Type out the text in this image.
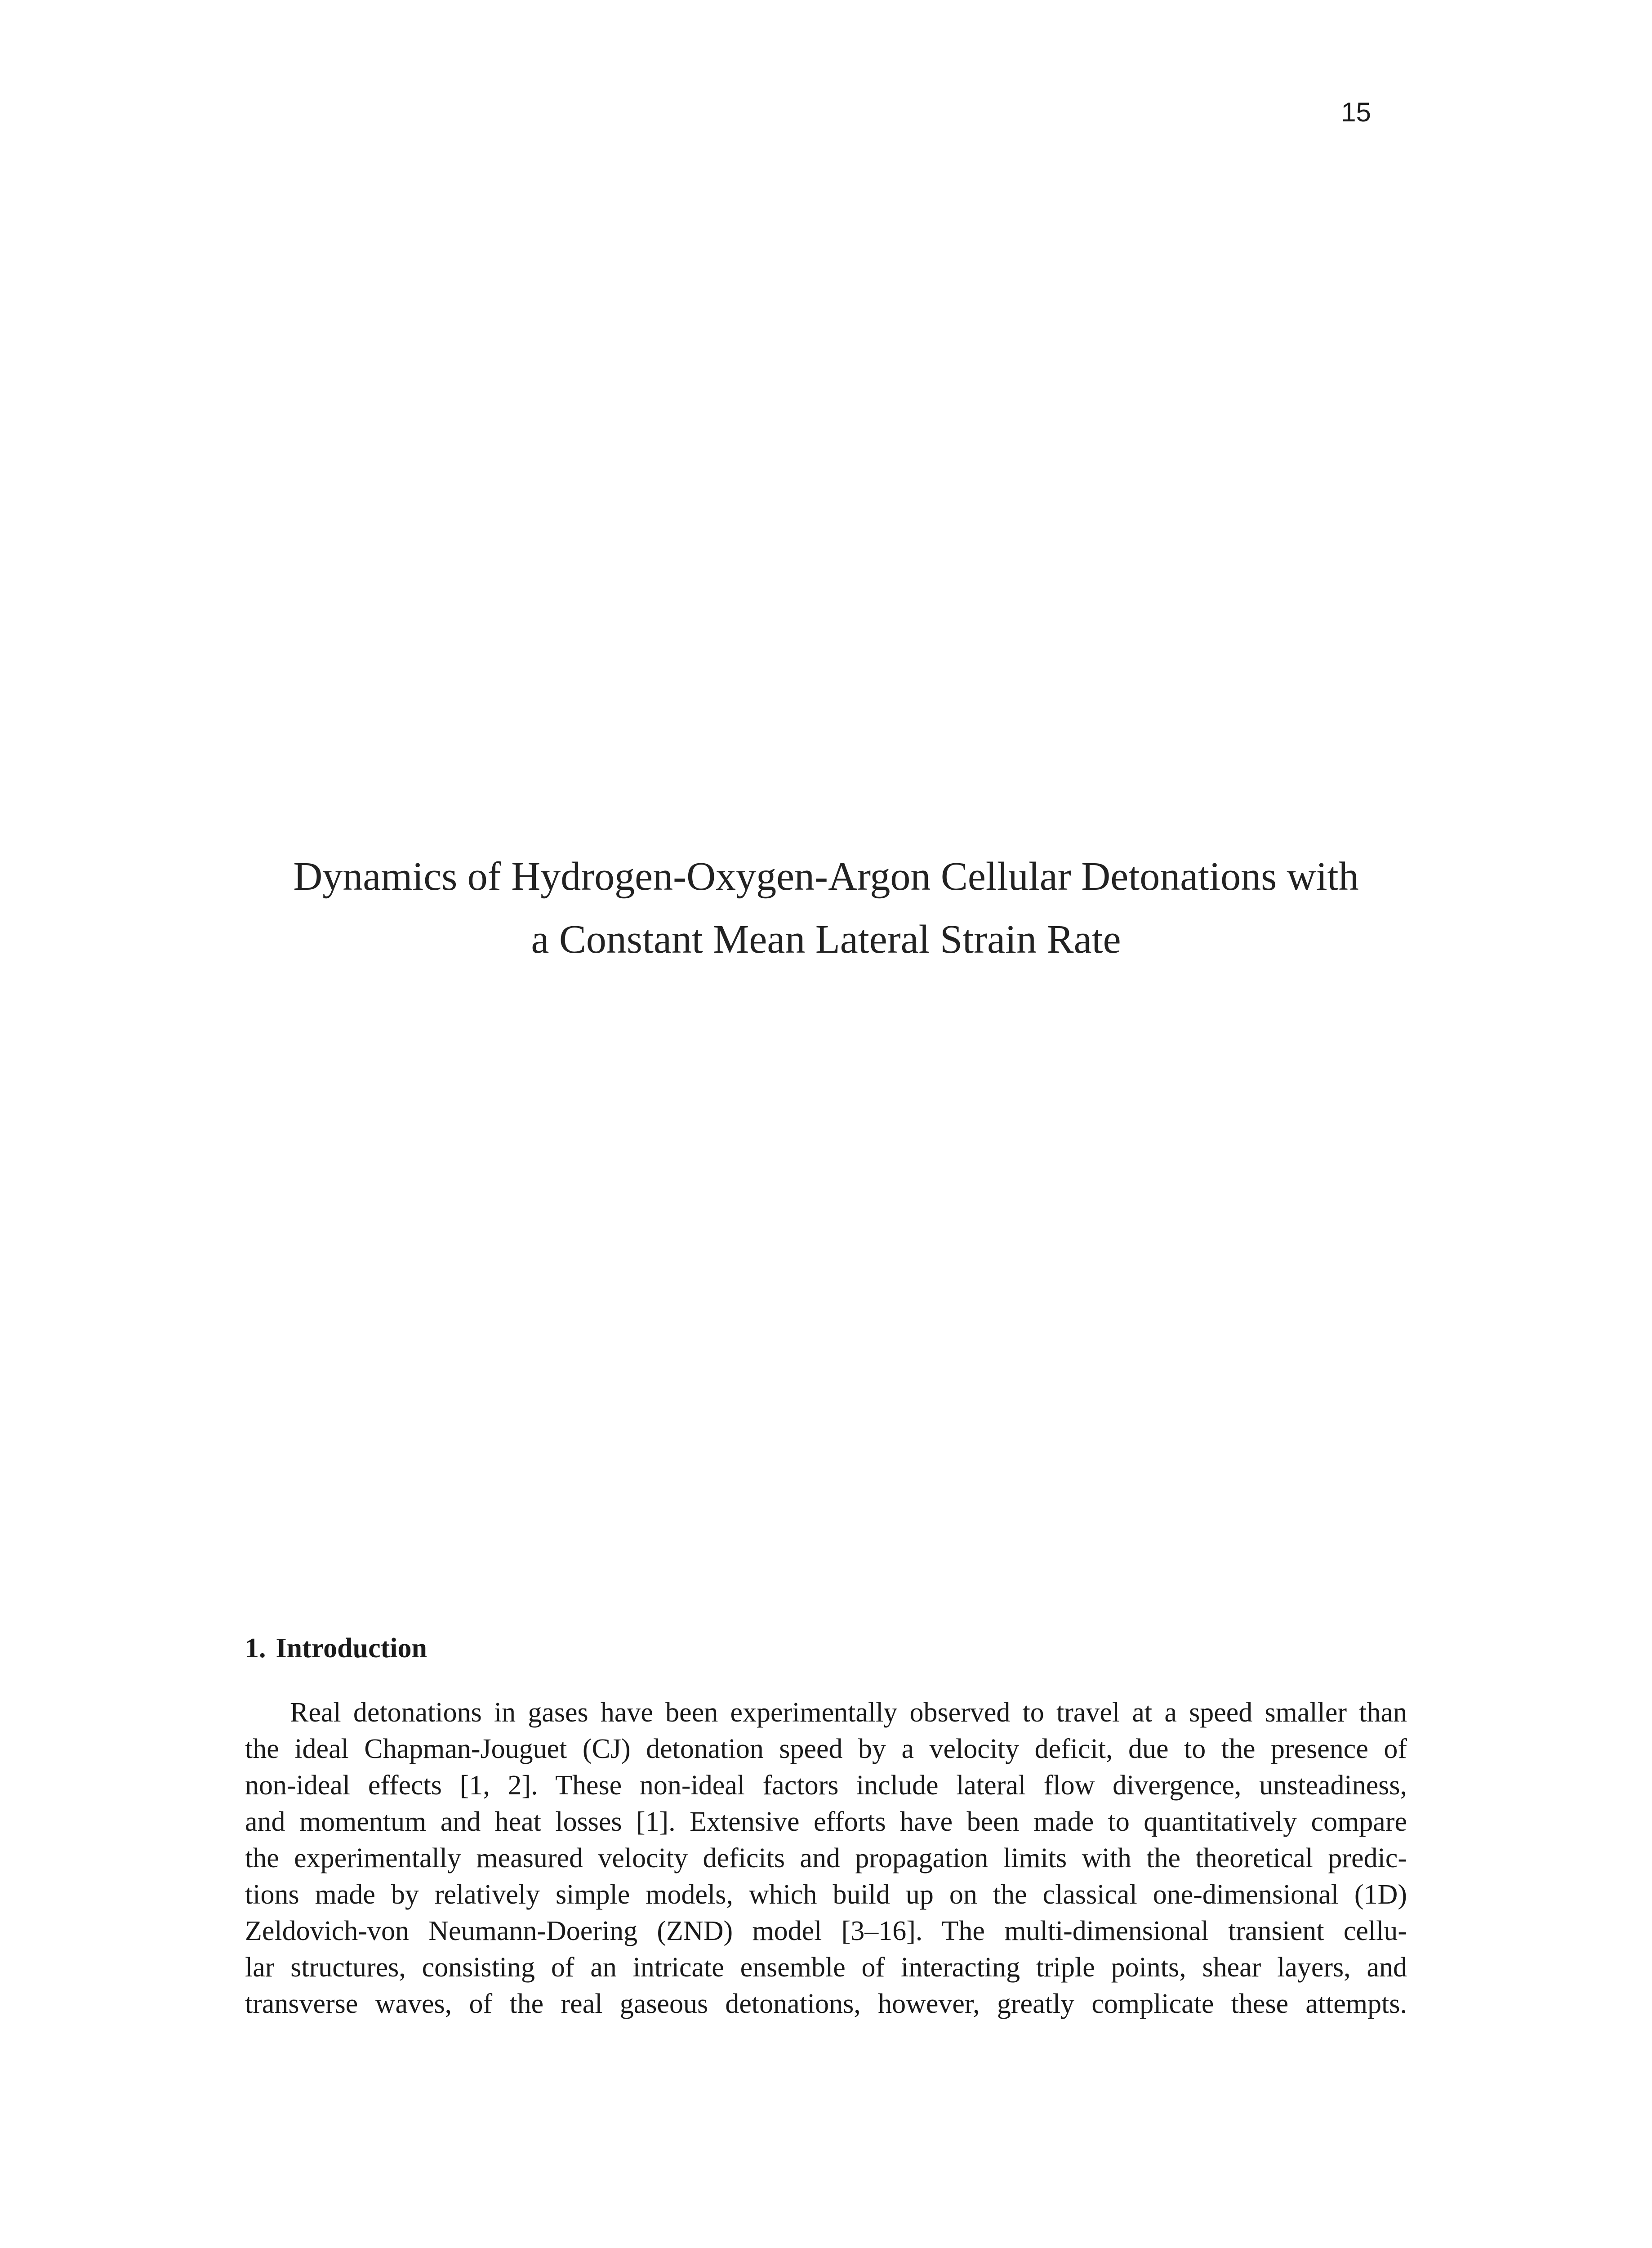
15
Dynamics of Hydrogen-Oxygen-Argon Cellular Detonations with
a Constant Mean Lateral Strain Rate
1. Introduction
Real detonations in gases have been experimentally observed to travel at a speed smaller than
the ideal Chapman-Jouguet (CJ) detonation speed by a velocity deficit, due to the presence of
non-ideal effects [1, 2]. These non-ideal factors include lateral flow divergence, unsteadiness,
and momentum and heat losses [1]. Extensive efforts have been made to quantitatively compare
the experimentally measured velocity deficits and propagation limits with the theoretical predic-
tions made by relatively simple models, which build up on the classical one-dimensional (1D)
Zeldovich-von Neumann-Doering (ZND) model [3–16]. The multi-dimensional transient cellu-
lar structures, consisting of an intricate ensemble of interacting triple points, shear layers, and
transverse waves, of the real gaseous detonations, however, greatly complicate these attempts.
